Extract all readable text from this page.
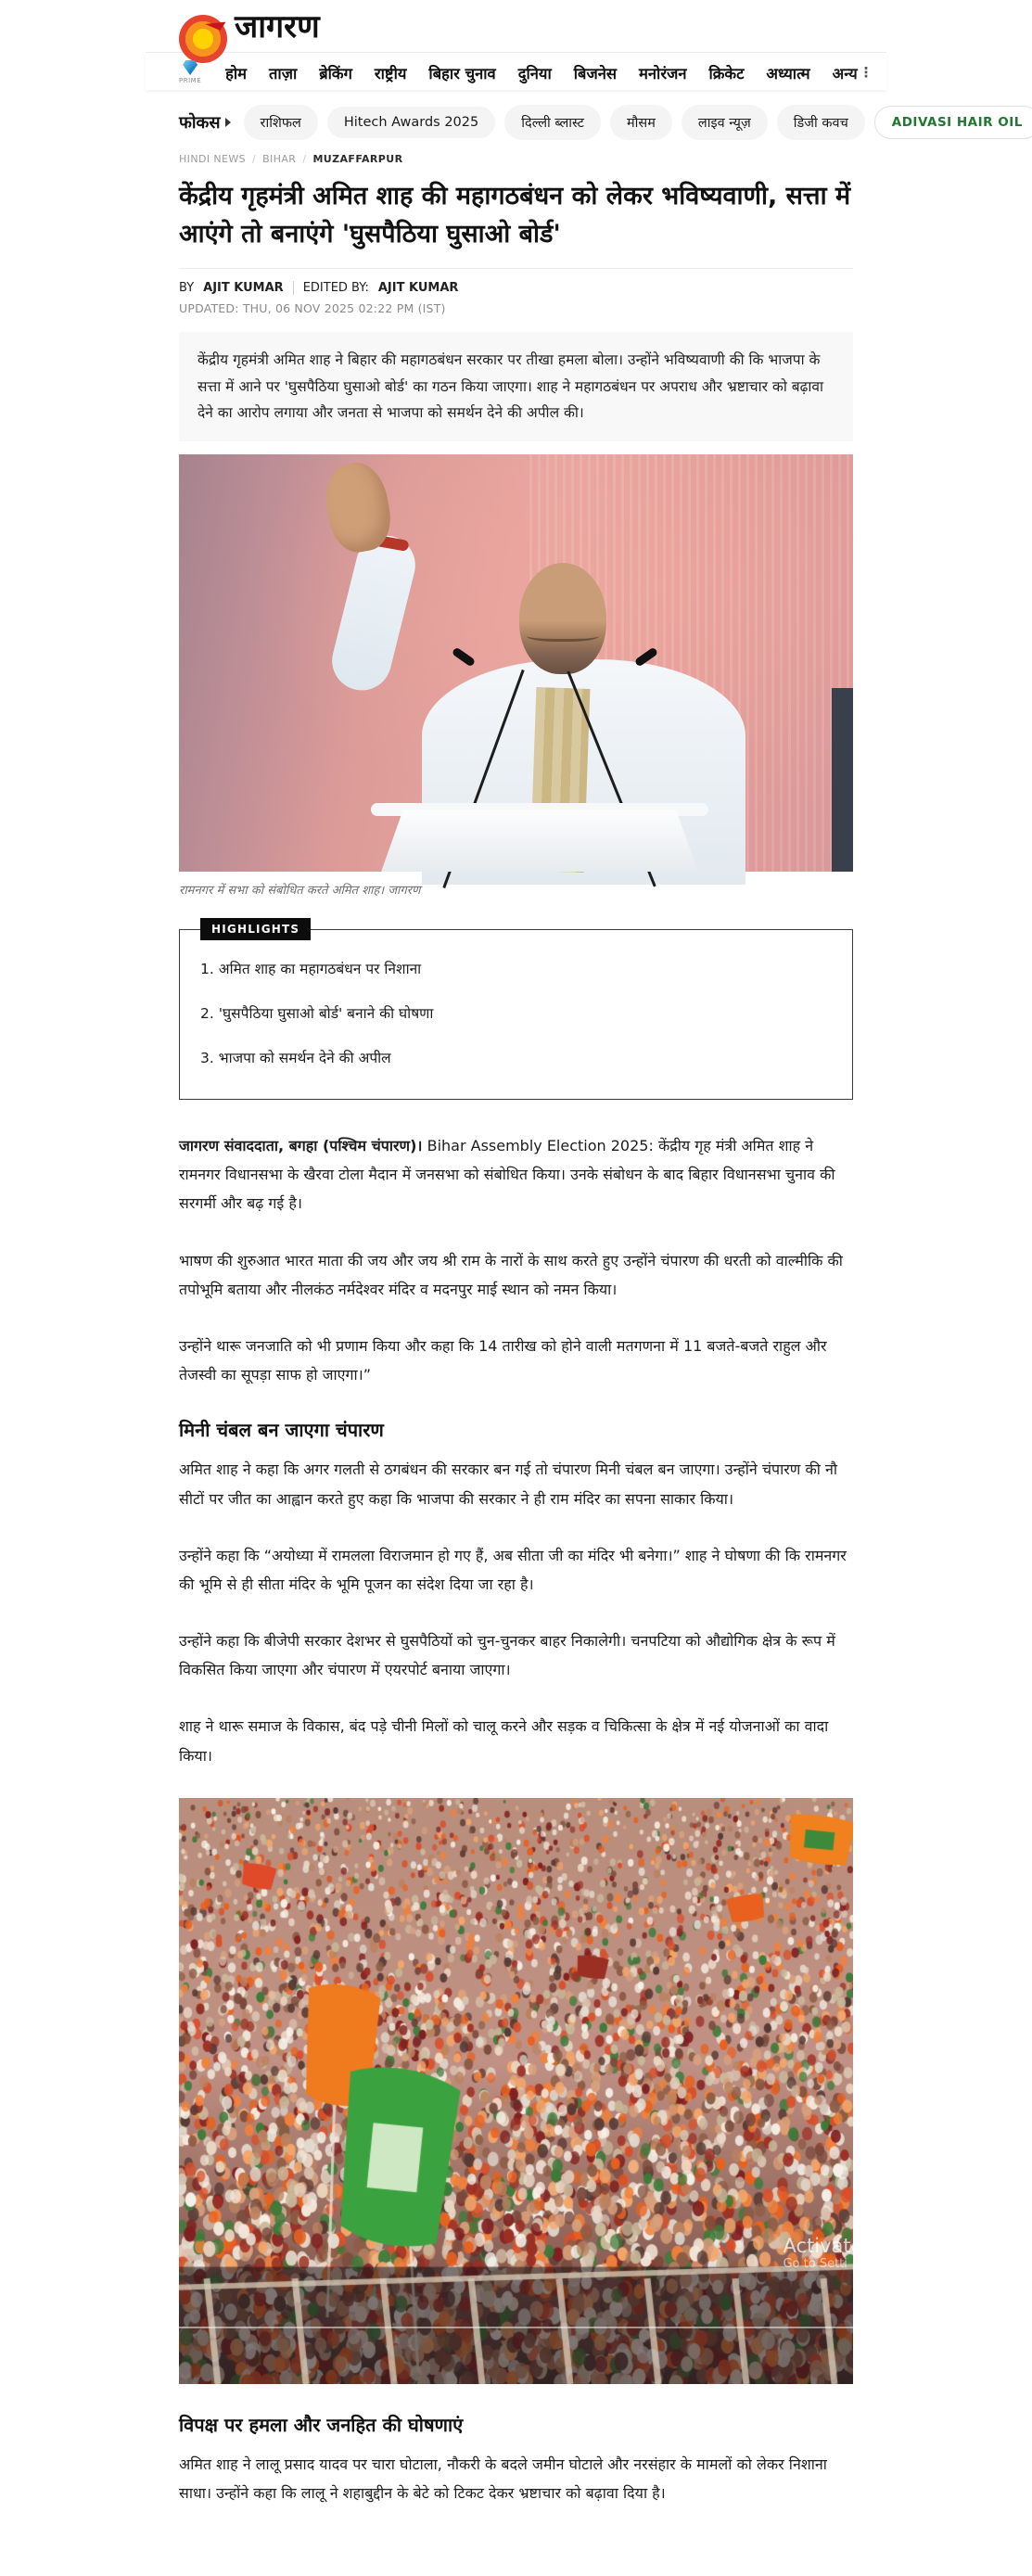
जागरण
PRIME होम ताज़ा ब्रेकिंग राष्ट्रीय बिहार चुनाव दुनिया बिजनेस मनोरंजन क्रिकेट अध्यात्म अन्य ⋮
फोकस	राशिफल	Hitech Awards 2025	दिल्ली ब्लास्ट	मौसम	लाइव न्यूज़	डिजी कवच	ADIVASI HAIR OIL
HINDI NEWS / BIHAR / MUZAFFARPUR
केंद्रीय गृहमंत्री अमित शाह की महागठबंधन को लेकर भविष्यवाणी, सत्ता में आएंगे तो बनाएंगे 'घुसपैठिया घुसाओ बोर्ड'
BY AJIT KUMAR EDITED BY: AJIT KUMAR
UPDATED: THU, 06 NOV 2025 02:22 PM (IST)
केंद्रीय गृहमंत्री अमित शाह ने बिहार की महागठबंधन सरकार पर तीखा हमला बोला। उन्होंने भविष्यवाणी की कि भाजपा के सत्ता में आने पर 'घुसपैठिया घुसाओ बोर्ड' का गठन किया जाएगा। शाह ने महागठबंधन पर अपराध और भ्रष्टाचार को बढ़ावा देने का आरोप लगाया और जनता से भाजपा को समर्थन देने की अपील की।
रामनगर में सभा को संबोधित करते अमित शाह। जागरण
HIGHLIGHTS
अमित शाह का महागठबंधन पर निशाना
'घुसपैठिया घुसाओ बोर्ड' बनाने की घोषणा
भाजपा को समर्थन देने की अपील

जागरण संवाददाता, बगहा (पश्चिम चंपारण)। Bihar Assembly Election 2025: केंद्रीय गृह मंत्री अमित शाह ने रामनगर विधानसभा के खैरवा टोला मैदान में जनसभा को संबोधित किया। उनके संबोधन के बाद बिहार विधानसभा चुनाव की सरगर्मी और बढ़ गई है।

भाषण की शुरुआत भारत माता की जय और जय श्री राम के नारों के साथ करते हुए उन्होंने चंपारण की धरती को वाल्मीकि की तपोभूमि बताया और नीलकंठ नर्मदेश्वर मंदिर व मदनपुर माई स्थान को नमन किया।

उन्होंने थारू जनजाति को भी प्रणाम किया और कहा कि 14 तारीख को होने वाली मतगणना में 11 बजते-बजते राहुल और तेजस्वी का सूपड़ा साफ हो जाएगा।”

मिनी चंबल बन जाएगा चंपारण

अमित शाह ने कहा कि अगर गलती से ठगबंधन की सरकार बन गई तो चंपारण मिनी चंबल बन जाएगा। उन्होंने चंपारण की नौ सीटों पर जीत का आह्वान करते हुए कहा कि भाजपा की सरकार ने ही राम मंदिर का सपना साकार किया।

उन्होंने कहा कि “अयोध्या में रामलला विराजमान हो गए हैं, अब सीता जी का मंदिर भी बनेगा।” शाह ने घोषणा की कि रामनगर की भूमि से ही सीता मंदिर के भूमि पूजन का संदेश दिया जा रहा है।

उन्होंने कहा कि बीजेपी सरकार देशभर से घुसपैठियों को चुन-चुनकर बाहर निकालेगी। चनपटिया को औद्योगिक क्षेत्र के रूप में विकसित किया जाएगा और चंपारण में एयरपोर्ट बनाया जाएगा।

शाह ने थारू समाज के विकास, बंद पड़े चीनी मिलों को चालू करने और सड़क व चिकित्सा के क्षेत्र में नई योजनाओं का वादा किया।

Activate W
Go to Setti
विपक्ष पर हमला और जनहित की घोषणाएं

अमित शाह ने लालू प्रसाद यादव पर चारा घोटाला, नौकरी के बदले जमीन घोटाले और नरसंहार के मामलों को लेकर निशाना साधा। उन्होंने कहा कि लालू ने शहाबुद्दीन के बेटे को टिकट देकर भ्रष्टाचार को बढ़ावा दिया है।
